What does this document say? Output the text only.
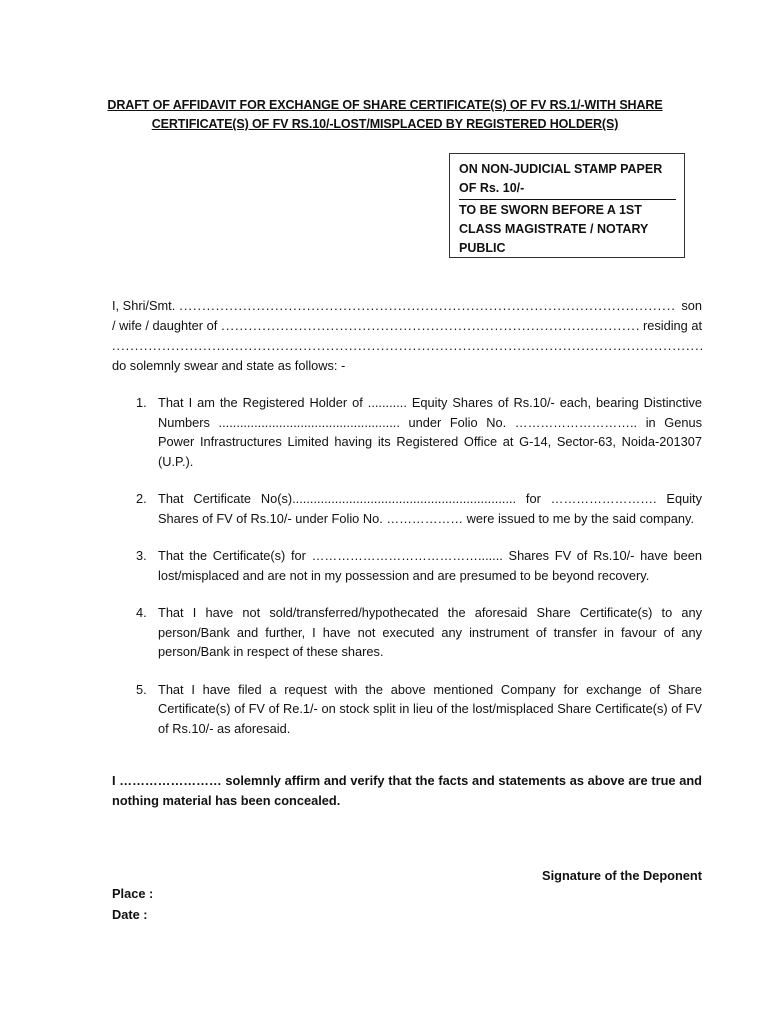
DRAFT OF AFFIDAVIT FOR EXCHANGE OF SHARE CERTIFICATE(S) OF FV RS.1/-WITH SHARE
CERTIFICATE(S) OF FV RS.10/-LOST/MISPLACED BY REGISTERED HOLDER(S)
ON NON-JUDICIAL STAMP PAPER OF Rs. 10/-
TO BE SWORN BEFORE A 1ST CLASS MAGISTRATE / NOTARY PUBLIC
I, Shri/Smt. .....	son
/ wife / daughter of .....	residing at
.....
do solemnly swear and state as follows: -
1. That I am the Registered Holder of ........... Equity Shares of Rs.10/- each, bearing Distinctive Numbers ................................................... under Folio No. ……………………….. in Genus Power Infrastructures Limited having its Registered Office at G-14, Sector-63, Noida-201307 (U.P.).
2. That Certificate No(s)............................................................... for ……………………. Equity Shares of FV of Rs.10/- under Folio No. ……………… were issued to me by the said company.
3. That the Certificate(s) for …………………………………....... Shares FV of Rs.10/- have been lost/misplaced and are not in my possession and are presumed to be beyond recovery.
4. That I have not sold/transferred/hypothecated the aforesaid Share Certificate(s) to any person/Bank and further, I have not executed any instrument of transfer in favour of any person/Bank in respect of these shares.
5. That I have filed a request with the above mentioned Company for exchange of Share Certificate(s) of FV of Re.1/- on stock split in lieu of the lost/misplaced Share Certificate(s) of FV of Rs.10/- as aforesaid.
I …………………… solemnly affirm and verify that the facts and statements as above are true and nothing material has been concealed.
Signature of the Deponent
Place :
Date :
